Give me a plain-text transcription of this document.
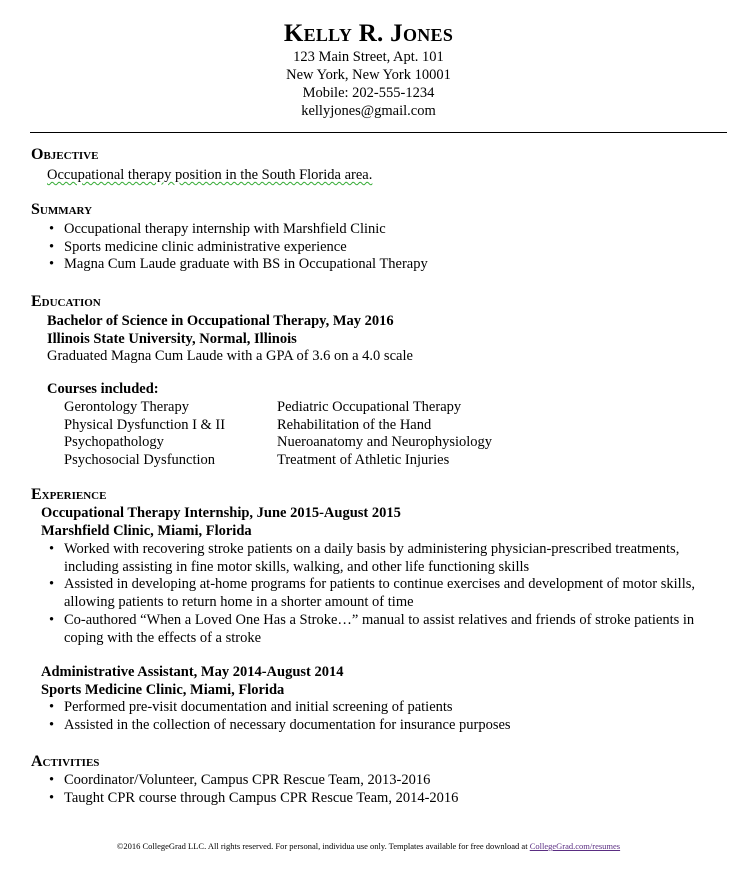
Kelly R. Jones
123 Main Street, Apt. 101
New York, New York 10001
Mobile: 202-555-1234
kellyjones@gmail.com
Objective
Occupational therapy position in the South Florida area.
Summary
• Occupational therapy internship with Marshfield Clinic
• Sports medicine clinic administrative experience
• Magna Cum Laude graduate with BS in Occupational Therapy
Education
Bachelor of Science in Occupational Therapy, May 2016
Illinois State University, Normal, Illinois
Graduated Magna Cum Laude with a GPA of 3.6 on a 4.0 scale
Courses included:
Gerontology Therapy	Pediatric Occupational Therapy
Physical Dysfunction I & II	Rehabilitation of the Hand
Psychopathology	Nueroanatomy and Neurophysiology
Psychosocial Dysfunction	Treatment of Athletic Injuries
Experience
Occupational Therapy Internship, June 2015-August 2015
Marshfield Clinic, Miami, Florida
• Worked with recovering stroke patients on a daily basis by administering physician-prescribed treatments, including assisting in fine motor skills, walking, and other life functioning skills
• Assisted in developing at-home programs for patients to continue exercises and development of motor skills, allowing patients to return home in a shorter amount of time
• Co-authored “When a Loved One Has a Stroke…” manual to assist relatives and friends of stroke patients in coping with the effects of a stroke
Administrative Assistant, May 2014-August 2014
Sports Medicine Clinic, Miami, Florida
• Performed pre-visit documentation and initial screening of patients
• Assisted in the collection of necessary documentation for insurance purposes
Activities
• Coordinator/Volunteer, Campus CPR Rescue Team, 2013-2016
• Taught CPR course through Campus CPR Rescue Team, 2014-2016
©2016 CollegeGrad LLC. All rights reserved. For personal, individua use only. Templates available for free download at CollegeGrad.com/resumes
